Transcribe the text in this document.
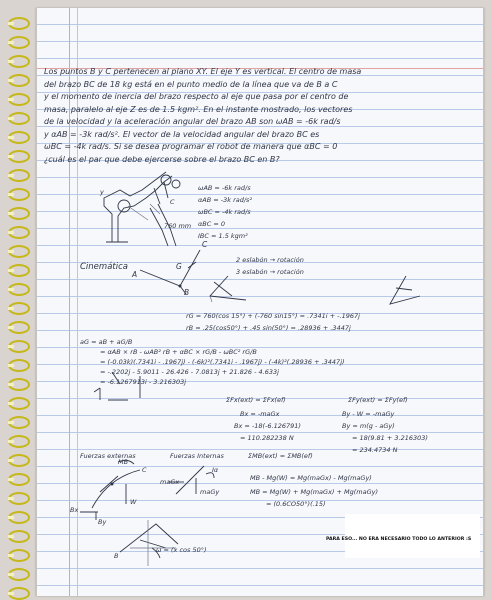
Los puntos B y C pertenecen al plano XY. El eje Y es vertical. El centro de masa
del brazo BC de 18 kg está en el punto medio de la línea que va de B a C
y el momento de inercia del brazo respecto al eje que pasa por el centro de
masa, paralelo al eje Z es de 1.5 kgm². En el instante mostrado, los vectores
de la velocidad y la aceleración angular del brazo AB son ωAB = -6k rad/s
y αAB = -3k rad/s². El vector de la velocidad angular del brazo BC es
ωBC = -4k rad/s. Si se desea programar el robot de manera que αBC = 0
¿cuál es el par que debe ejercerse sobre el brazo BC en B?
ωAB = -6k rad/s
αAB = -3k rad/s²
ωBC = -4k rad/s
αBC = 0
IBC = 1.5 kgm²
y
C
760 mm
Cinemática
A
B
C
G
2 eslabón → rotación
3 eslabón → rotación
rG = 760(cos 15°) + (-760 sin15°) = .7341i + -.1967j
rB = .25(cos50°) + .45 sin(50°) = .28936 + .3447j
aG = aB + aG/B
= αAB × rB - ωAB² rB + αBC × rG/B - ωBC² rG/B
= (-0.03k)(.7341i - .1967j) - (-6k)²(.7341i - .1967j) - (-4k)²(.28936 + .3447j)
= -.2202j - 5.9011 - 26.426 - 7.0813j + 21.826 - 4.633j
= -6.1267913i - 3.216303j
ΣFx(ext) = ΣFx(ef)
Bx = -maGx
Bx = -18(-6.126791)
= 110.282238 N
ΣFy(ext) = ΣFy(ef)
By - W = -maGy
By = m(g - aGy)
= 18(9.81 + 3.216303)
= 234.4734 N
Fuerzas externas	Fuerzas Internas	ΣMB(ext) = ΣMB(ef)
MB - Mg(W) = Mg(maGx) - Mg(maGy)
MB = Mg(W) + Mg(maGx) + Mg(maGy)
= (0.6CO50°)(.15)
MB
C
W
Bx
By
maGx
maGy
Iα
B
ω = (x cos 50°)
PARA ESO... NO ERA NECESARIO TODO LO ANTERIOR :S
